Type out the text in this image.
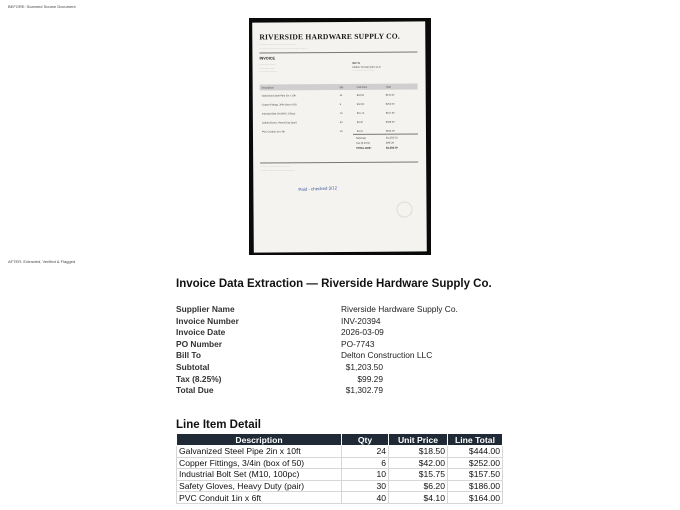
BEFORE: Scanned Source Document
RIVERSIDE HARDWARE SUPPLY CO.
··········································
························································
INVOICE
···················
··················
····················
Bill To
Delton Construction LLC
·························
Description	Qty	Unit Price	Total
Galvanized Steel Pipe 2in x 10ft	24	$18.50	$444.00
Copper Fittings, 3/4in (box of 50)	6	$42.00	$252.00
Industrial Bolt Set (M10, 100pc)	10	$15.75	$157.50
Safety Gloves, Heavy Duty (pair)	30	$6.20	$186.00
PVC Conduit 1in x 6ft	40	$4.10	$164.00
Subtotal	$1,203.50
Tax (8.25%)	$99.29
TOTAL DUE:	$1,302.79
···································
········································
Paid - checked 3/12
AFTER: Extracted, Verified & Flagged
Invoice Data Extraction — Riverside Hardware Supply Co.
Supplier Name	Riverside Hardware Supply Co.
Invoice Number	INV-20394
Invoice Date	2026-03-09
PO Number	PO-7743
Bill To	Delton Construction LLC
Subtotal	$1,203.50
Tax (8.25%)	$99.29
Total Due	$1,302.79
Line Item Detail
Description	Qty	Unit Price	Line Total
Galvanized Steel Pipe 2in x 10ft	24	$18.50	$444.00
Copper Fittings, 3/4in (box of 50)	6	$42.00	$252.00
Industrial Bolt Set (M10, 100pc)	10	$15.75	$157.50
Safety Gloves, Heavy Duty (pair)	30	$6.20	$186.00
PVC Conduit 1in x 6ft	40	$4.10	$164.00
